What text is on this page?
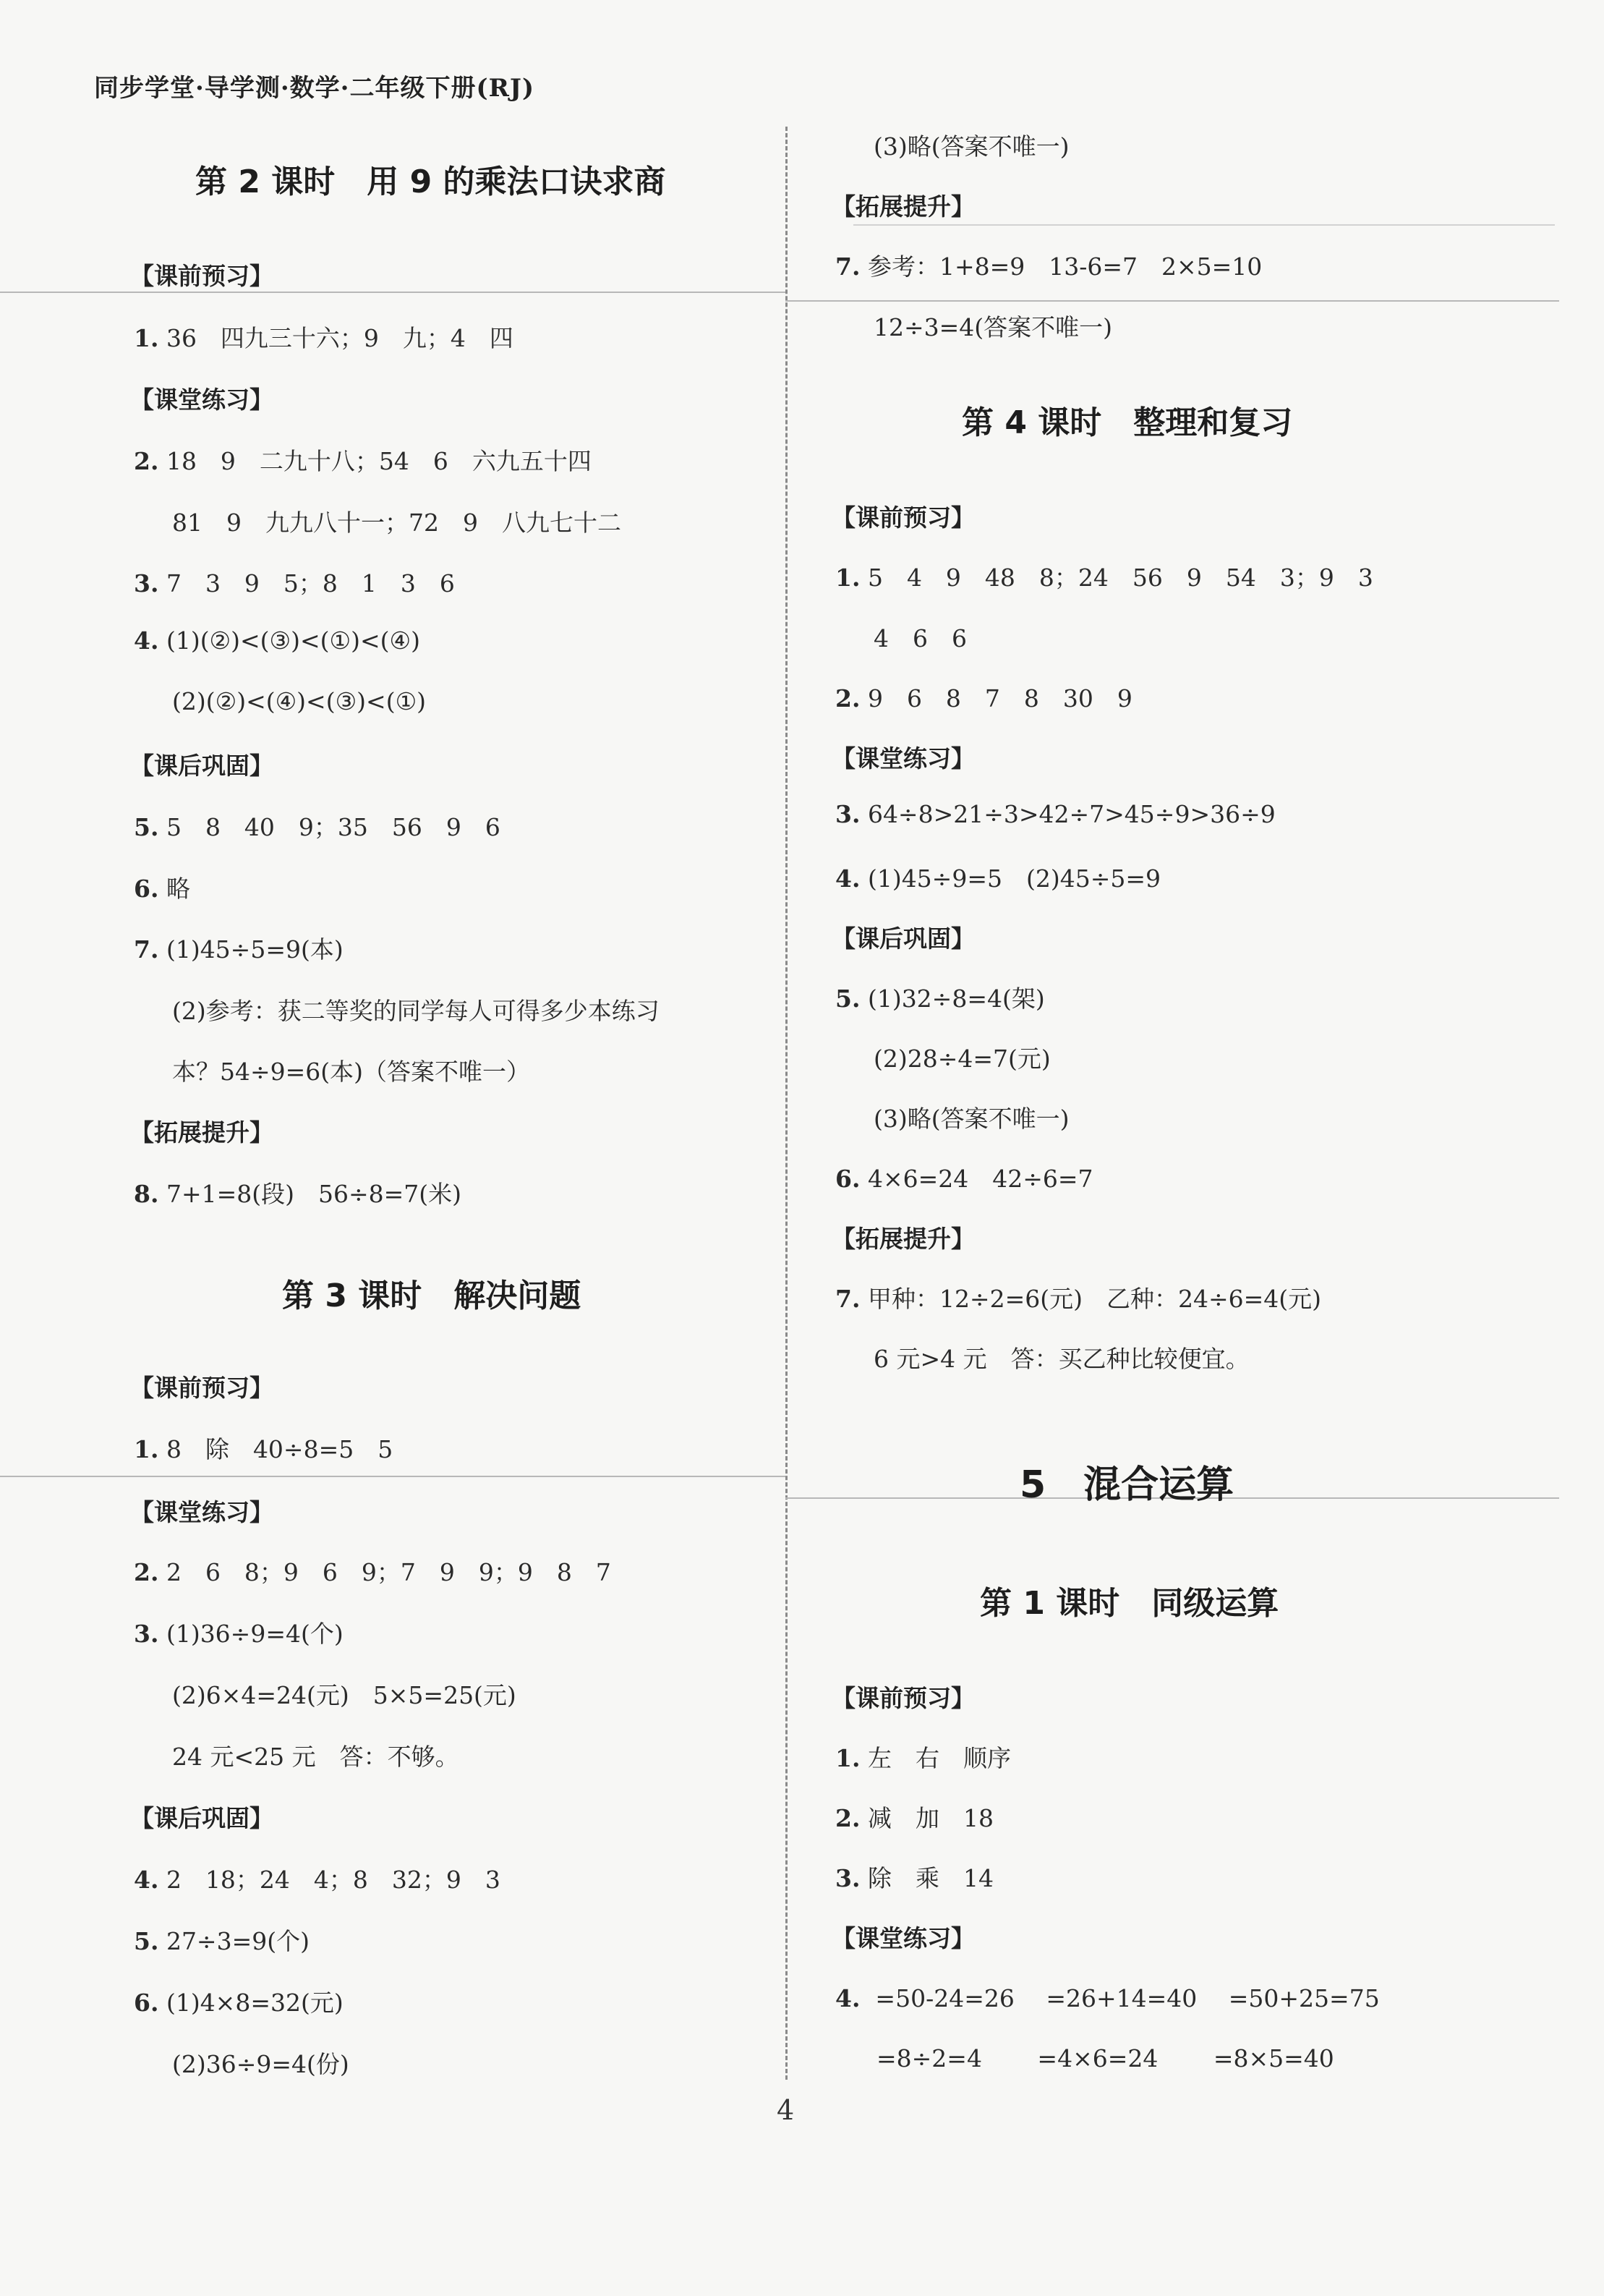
同步学堂·导学测·数学·二年级下册(RJ)
第 2 课时　用 9 的乘法口诀求商
【课前预习】
1. 36　四九三十六；9　九；4　四
【课堂练习】
2. 18　9　二九十八；54　6　六九五十四
81　9　九九八十一；72　9　八九七十二
3. 7　3　9　5；8　1　3　6
4. (1)(②)<(③)<(①)<(④)
(2)(②)<(④)<(③)<(①)
【课后巩固】
5. 5　8　40　9；35　56　9　6
6. 略
7. (1)45÷5=9(本)
(2)参考：获二等奖的同学每人可得多少本练习
本？54÷9=6(本)（答案不唯一）
【拓展提升】
8. 7+1=8(段)　56÷8=7(米)
第 3 课时　解决问题
【课前预习】
1. 8　除　40÷8=5　5
【课堂练习】
2. 2　6　8；9　6　9；7　9　9；9　8　7
3. (1)36÷9=4(个)
(2)6×4=24(元)　5×5=25(元)
24 元<25 元　答：不够。
【课后巩固】
4. 2　18；24　4；8　32；9　3
5. 27÷3=9(个)
6. (1)4×8=32(元)
(2)36÷9=4(份)
(3)略(答案不唯一)
【拓展提升】
7. 参考：1+8=9　13-6=7　2×5=10
12÷3=4(答案不唯一)
第 4 课时　整理和复习
【课前预习】
1. 5　4　9　48　8；24　56　9　54　3；9　3
4　6　6
2. 9　6　8　7　8　30　9
【课堂练习】
3. 64÷8>21÷3>42÷7>45÷9>36÷9
4. (1)45÷9=5　(2)45÷5=9
【课后巩固】
5. (1)32÷8=4(架)
(2)28÷4=7(元)
(3)略(答案不唯一)
6. 4×6=24　42÷6=7
【拓展提升】
7. 甲种：12÷2=6(元)　乙种：24÷6=4(元)
6 元>4 元　答：买乙种比较便宜。
5　混合运算
第 1 课时　同级运算
【课前预习】
1. 左　右　顺序
2. 减　加　18
3. 除　乘　14
【课堂练习】
4.  =50-24=26　 =26+14=40　 =50+25=75
=8÷2=4　　 =4×6=24　　 =8×5=40
4
